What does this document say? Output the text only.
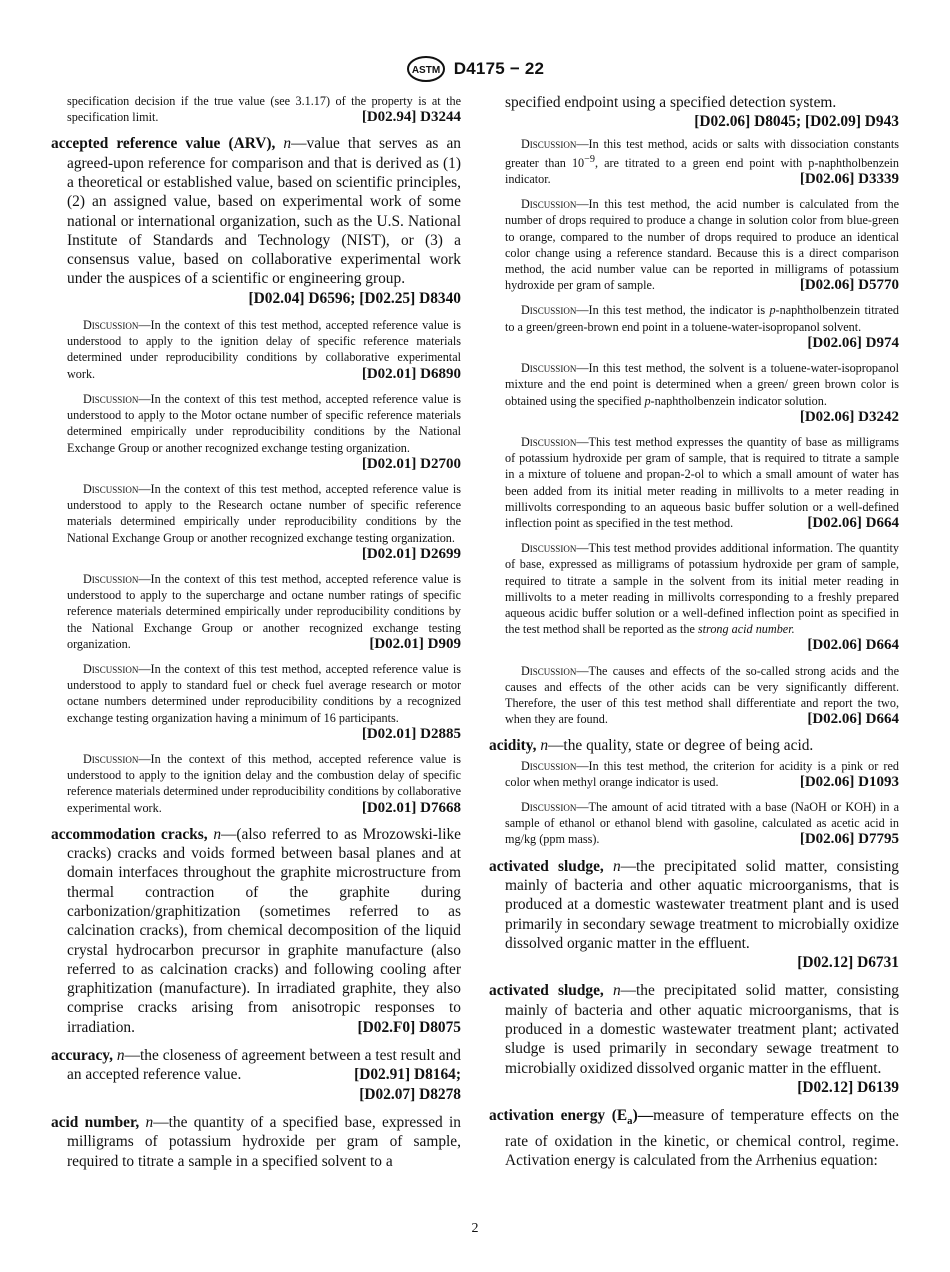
ASTM D4175 − 22
specification decision if the true value (see 3.1.17) of the property is at the specification limit.	[D02.94] D3244
accepted reference value (ARV), n—value that serves as an agreed-upon reference for comparison and that is derived as (1) a theoretical or established value, based on scientific principles, (2) an assigned value, based on experimental work of some national or international organization, such as the U.S. National Institute of Standards and Technology (NIST), or (3) a consensus value, based on collaborative experimental work under the auspices of a scientific or engineering group.
[D02.04] D6596; [D02.25] D8340
Discussion—In the context of this test method, accepted reference value is understood to apply to the ignition delay of specific reference materials determined under reproducibility conditions by collaborative experimental work.	[D02.01] D6890
Discussion—In the context of this test method, accepted reference value is understood to apply to the Motor octane number of specific reference materials determined empirically under reproducibility conditions by the National Exchange Group or another recognized exchange testing organization.
[D02.01] D2700
Discussion—In the context of this test method, accepted reference value is understood to apply to the Research octane number of specific reference materials determined empirically under reproducibility conditions by the National Exchange Group or another recognized exchange testing organization.
[D02.01] D2699
Discussion—In the context of this test method, accepted reference value is understood to apply to the supercharge and octane number ratings of specific reference materials determined empirically under reproducibility conditions by the National Exchange Group or another recognized exchange testing organization.	[D02.01] D909
Discussion—In the context of this test method, accepted reference value is understood to apply to standard fuel or check fuel average research or motor octane numbers determined under reproducibility conditions by a recognized exchange testing organization having a minimum of 16 participants.
[D02.01] D2885
Discussion—In the context of this method, accepted reference value is understood to apply to the ignition delay and the combustion delay of specific reference materials determined under reproducibility conditions by collaborative experimental work.	[D02.01] D7668
accommodation cracks, n—(also referred to as Mrozowski-like cracks) cracks and voids formed between basal planes and at domain interfaces throughout the graphite microstructure from thermal contraction of the graphite during carbonization/graphitization (sometimes referred to as calcination cracks), from chemical decomposition of the liquid crystal hydrocarbon precursor in graphite manufacture (also referred to as calcination cracks) and following cooling after graphitization (manufacture). In irradiated graphite, they also comprise cracks arising from anisotropic responses to irradiation.	[D02.F0] D8075
accuracy, n—the closeness of agreement between a test result and an accepted reference value.	[D02.91] D8164;
[D02.07] D8278
acid number, n—the quantity of a specified base, expressed in milligrams of potassium hydroxide per gram of sample, required to titrate a sample in a specified solvent to a
specified endpoint using a specified detection system.
[D02.06] D8045; [D02.09] D943
Discussion—In this test method, acids or salts with dissociation constants greater than $10^{-9}$, are titrated to a green end point with p-naphtholbenzein indicator.	[D02.06] D3339
Discussion—In this test method, the acid number is calculated from the number of drops required to produce a change in solution color from blue-green to orange, compared to the number of drops required to produce an identical color change using a reference standard. Because this is a direct comparison method, the acid number value can be reported in milligrams of potassium hydroxide per gram of sample.	[D02.06] D5770
Discussion—In this test method, the indicator is p-naphtholbenzein titrated to a green/green-brown end point in a toluene-water-isopropanol solvent.
[D02.06] D974
Discussion—In this test method, the solvent is a toluene-water-isopropanol mixture and the end point is determined when a green/ green brown color is obtained using the specified p-naphtholbenzein indicator solution.
[D02.06] D3242
Discussion—This test method expresses the quantity of base as milligrams of potassium hydroxide per gram of sample, that is required to titrate a sample in a mixture of toluene and propan-2-ol to which a small amount of water has been added from its initial meter reading in millivolts to a meter reading in millivolts corresponding to an aqueous basic buffer solution or a well-defined inflection point as specified in the test method.	[D02.06] D664
Discussion—This test method provides additional information. The quantity of base, expressed as milligrams of potassium hydroxide per gram of sample, required to titrate a sample in the solvent from its initial meter reading in millivolts to a meter reading in millivolts corresponding to a freshly prepared aqueous acidic buffer solution or a well-defined inflection point as specified in the test method shall be reported as the strong acid number.
[D02.06] D664
Discussion—The causes and effects of the so-called strong acids and the causes and effects of the other acids can be very significantly different. Therefore, the user of this test method shall differentiate and report the two, when they are found.	[D02.06] D664
acidity, n—the quality, state or degree of being acid.
Discussion—In this test method, the criterion for acidity is a pink or red color when methyl orange indicator is used.	[D02.06] D1093
Discussion—The amount of acid titrated with a base (NaOH or KOH) in a sample of ethanol or ethanol blend with gasoline, calculated as acetic acid in mg/kg (ppm mass).	[D02.06] D7795
activated sludge, n—the precipitated solid matter, consisting mainly of bacteria and other aquatic microorganisms, that is produced at a domestic wastewater treatment plant and is used primarily in secondary sewage treatment to microbially oxidize dissolved organic matter in the effluent.
[D02.12] D6731
activated sludge, n—the precipitated solid matter, consisting mainly of bacteria and other aquatic microorganisms, that is produced in a domestic wastewater treatment plant; activated sludge is used primarily in secondary sewage treatment to microbially oxidized dissolved organic matter in the effluent.
[D02.12] D6139
activation energy $(E_a)—measure$ of temperature effects on the rate of oxidation in the kinetic, or chemical control, regime. Activation energy is calculated from the Arrhenius equation:
2
